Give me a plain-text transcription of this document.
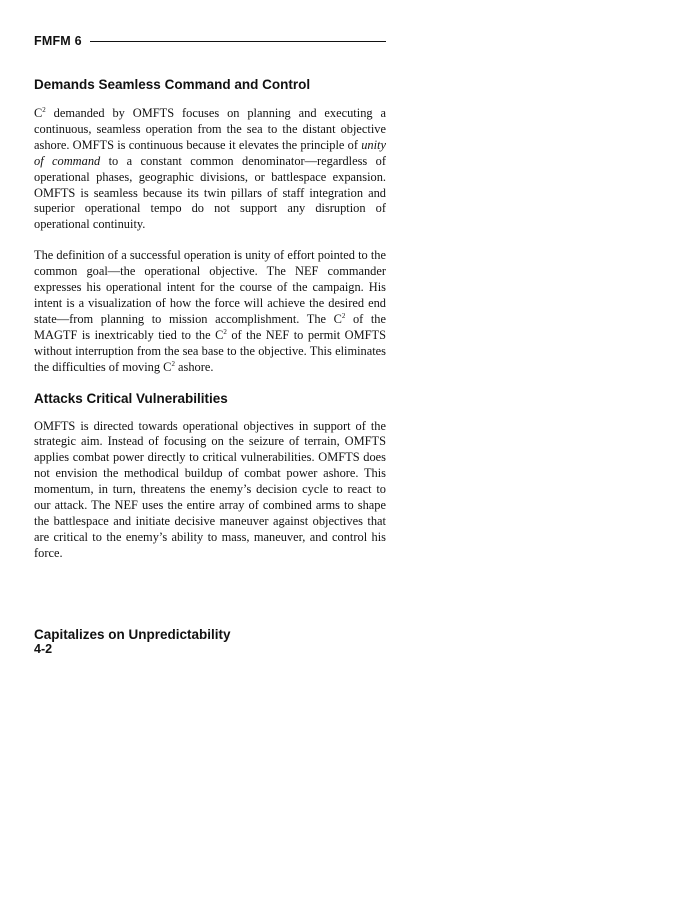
FMFM 6
Demands Seamless Command and Control

$C^2$ demanded by OMFTS focuses on planning and executing a continuous, seamless operation from the sea to the distant objective ashore. OMFTS is continuous because it elevates the principle of unity of command to a constant common denominator—regardless of operational phases, geographic divisions, or battlespace expansion. OMFTS is seamless because its twin pillars of staff integration and superior operational tempo do not support any disruption of operational continuity.

The definition of a successful operation is unity of effort pointed to the common goal—the operational objective. The NEF commander expresses his operational intent for the course of the campaign. His intent is a visualization of how the force will achieve the desired end state—from planning to mission accomplishment. The $C^2$ of the MAGTF is inextricably tied to the $C^2$ of the NEF to permit OMFTS without interruption from the sea base to the objective. This eliminates the difficulties of moving $C^2$ ashore.

Attacks Critical Vulnerabilities

OMFTS is directed towards operational objectives in support of the strategic aim. Instead of focusing on the seizure of terrain, OMFTS applies combat power directly to critical vulnerabilities. OMFTS does not envision the methodical buildup of combat power ashore. This momentum, in turn, threatens the enemy’s decision cycle to react to our attack. The NEF uses the entire array of combined arms to shape the battlespace and initiate decisive maneuver against objectives that are critical to the enemy’s ability to mass, maneuver, and control his force.

Capitalizes on Unpredictability
4-2
